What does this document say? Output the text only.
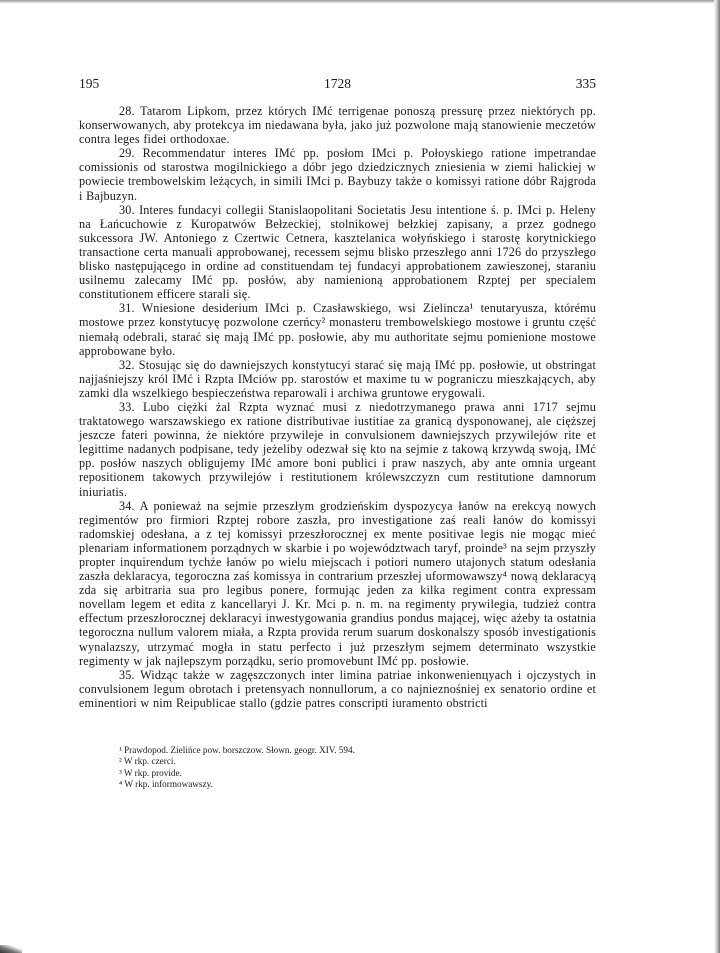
195	1728	335

28. Tatarom Lipkom, przez których IMć terrigenae ponoszą pressurę przez niektórych pp. konserwowanych, aby protekcya im niedawana była, jako już pozwolone mają stanowienie meczetów contra leges fidei orthodoxae.

29. Recommendatur interes IMć pp. posłom IMci p. Połoyskiego ratione impetrandae comissionis od starostwa mogilnickiego a dóbr jego dziedzicznych zniesienia w ziemi halickiej w powiecie trembowelskim leżących, in simili IMci p. Baybuzy także o komissyi ratione dóbr Rajgroda i Bajbuzyn.

30. Interes fundacyi collegii Stanislaopolitani Societatis Jesu intentione ś. p. IMci p. Heleny na Łańcuchowie z Kuropatwów Bełzeckiej, stolnikowej bełzkiej zapisany, a przez godnego sukcessora JW. Antoniego z Czertwic Cetnera, kasztelanica wołyńskiego i starostę korytnickiego transactione certa manuali approbowanej, recessem sejmu blisko przeszłego anni 1726 do przyszłego blisko następującego in ordine ad constituendam tej fundacyi approbationem zawieszonej, staraniu usilnemu zalecamy IMć pp. posłów, aby namienioną approbationem Rzptej per specialem constitutionem efficere starali się.

31. Wniesione desiderium IMci p. Czasławskiego, wsi Zielincza¹ tenutaryusza, którému mostowe przez konstytucyę pozwolone czerńcy² monasteru trembowelskiego mostowe i gruntu część niemałą odebrali, starać się mają IMć pp. posłowie, aby mu authoritate sejmu pomienione mostowe approbowane było.

32. Stosując się do dawniejszych konstytucyi starać się mają IMć pp. posłowie, ut obstringat najjaśniejszy król IMć i Rzpta IMciów pp. starostów et maxime tu w pograniczu mieszkających, aby zamki dla wszelkiego bespieczeństwa reparowali i archiwa gruntowe erygowali.

33. Lubo ciężki żal Rzpta wyznać musi z niedotrzymanego prawa anni 1717 sejmu traktatowego warszawskiego ex ratione distributivae iustitiae za granicą dysponowanej, ale cięższej jeszcze fateri powinna, że niektóre przywileje in convulsionem dawniejszych przywilejów rite et legittime nadanych podpisane, tedy jeżeliby odezwał się kto na sejmie z takową krzywdą swoją, IMć pp. posłów naszych obligujemy IMć amore boni publici i praw naszych, aby ante omnia urgeant repositionem takowych przywilejów i restitutionem królewszczyzn cum restitutione damnorum iniuriatis.

34. A ponieważ na sejmie przeszłym grodzieńskim dyspozycya łanów na erekcyą nowych regimentów pro firmiori Rzptej robore zaszła, pro investigatione zaś reali łanów do komissyi radomskiej odesłana, a z tej komissyi przeszłorocznej ex mente positivae legis nie mogąc mieć plenariam informationem porządnych w skarbie i po województwach taryf, proinde³ na sejm przyszły propter inquirendum tychże łanów po wielu miejscach i potiori numero utajonych statum odesłania zaszła deklaracya, tegoroczna zaś komissya in contrarium przeszłej uformowawszy⁴ nową deklaracyą zda się arbitraria sua pro legibus ponere, formując jeden za kilka regiment contra expressam novellam legem et edita z kancellaryi J. Kr. Mci p. n. m. na regimenty prywilegia, tudzież contra effectum przeszłorocznej deklaracyi inwestygowania grandius pondus mającej, więc ażeby ta ostatnia tegoroczna nullum valorem miała, a Rzpta provida rerum suarum doskonalszy sposób investigationis wynalazszy, utrzymać mogła in statu perfecto i już przeszłym sejmem determinato wszystkie regimenty w jak najlepszym porządku, serio promovebunt IMć pp. posłowie.

35. Widząc także w zagęszczonych inter limina patriae inkonwenienцyach i ojczystych in convulsionem legum obrotach i pretensyach nonnullorum, a co najnieznośniej ex senatorio ordine et eminentiori w nim Reipublicae stallo (gdzie patres conscripti iuramento obstricti

¹ Prawdopod. Zielińce pow. borszczow. Słown. geogr. XIV. 594.

² W rkp. czerci.

³ W rkp. provide.

⁴ W rkp. informowawszy.
